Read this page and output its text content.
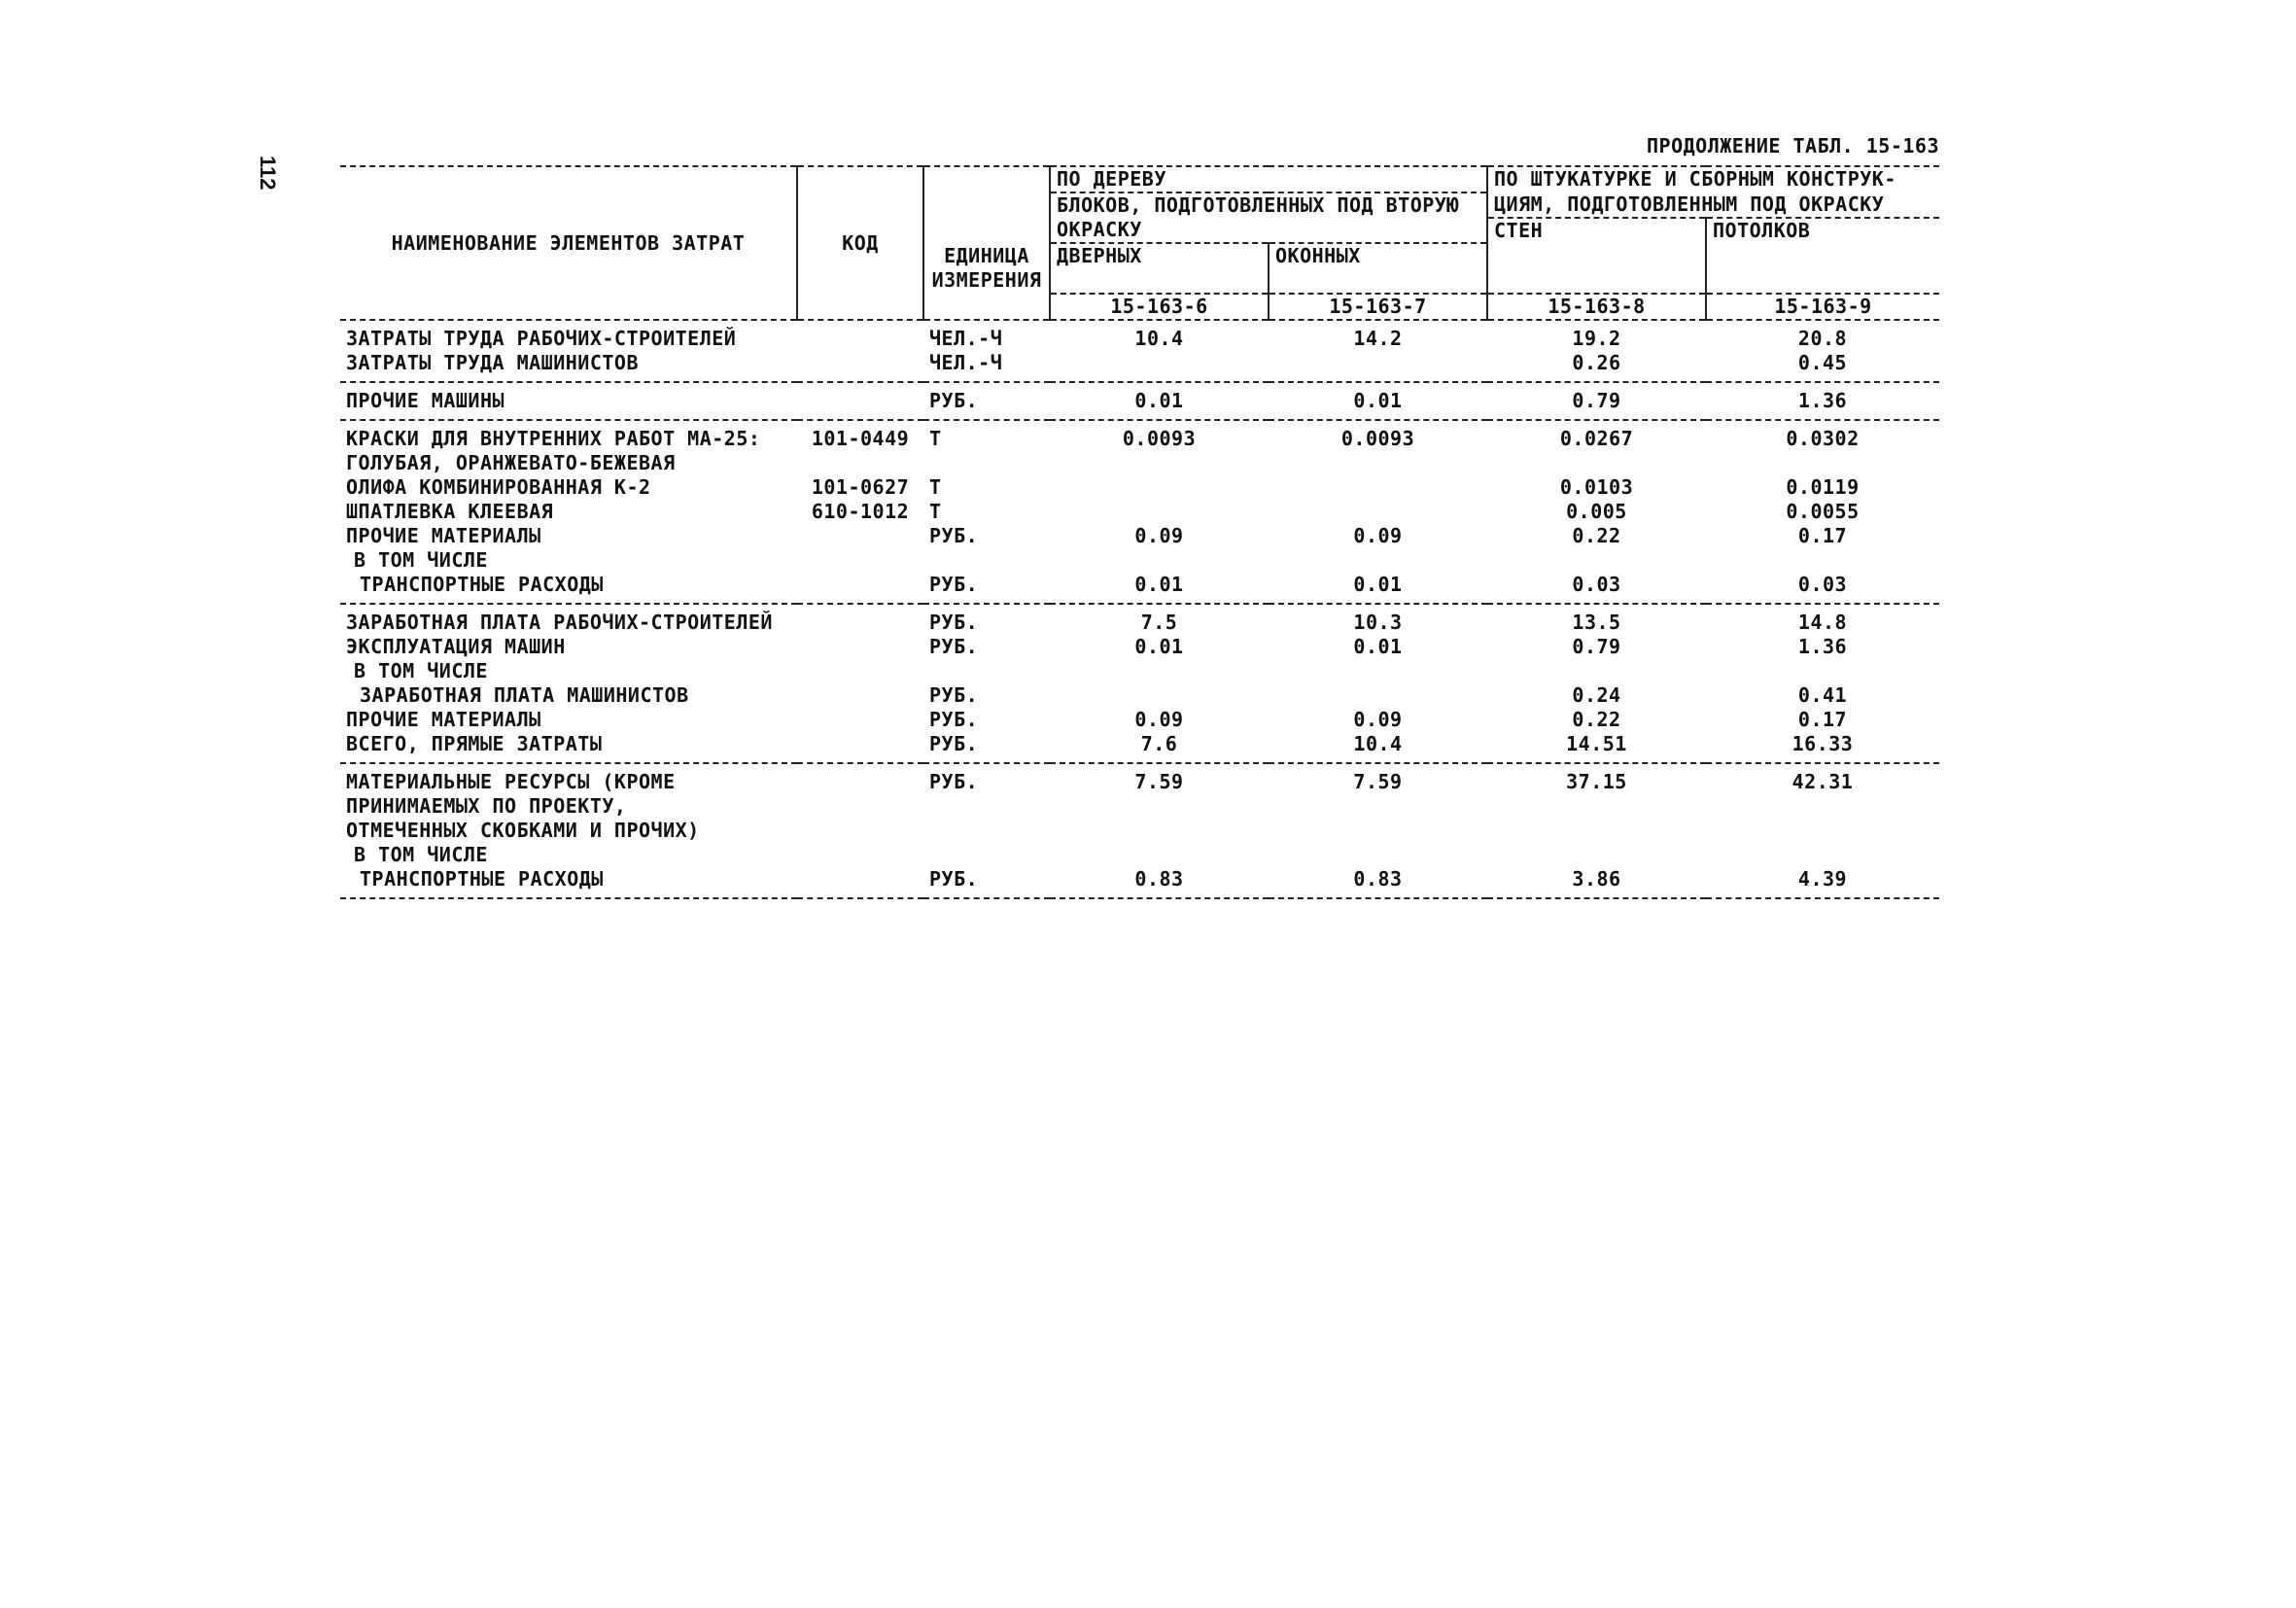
112
ПРОДОЛЖЕНИЕ ТАБЛ. 15-163
НАИМЕНОВАНИЕ ЭЛЕМЕНТОВ ЗАТРАТ	КОД	ЕДИНИЦА	ПО ДЕРЕВУ		ПО ШТУКАТУРКЕ И СБОРНЫМ КОНСТРУК-	
			БЛОКОВ, ПОДГОТОВЛЕННЫХ ПОД ВТОРУЮ		ЦИЯМ, ПОДГОТОВЛЕННЫМ ПОД ОКРАСКУ	
			ОКРАСКУ		СТЕН	ПОТОЛКОВ
			ДВЕРНЫХ	ОКОННЫХ		
		ИЗМЕРЕНИЯ				
			15-163-6	15-163-7	15-163-8	15-163-9
ЗАТРАТЫ ТРУДА РАБОЧИХ-СТРОИТЕЛЕЙ		ЧЕЛ.-Ч	10.4	14.2	19.2	20.8
ЗАТРАТЫ ТРУДА МАШИНИСТОВ		ЧЕЛ.-Ч			0.26	0.45
ПРОЧИЕ МАШИНЫ		РУБ.	0.01	0.01	0.79	1.36
КРАСКИ ДЛЯ ВНУТРЕННИХ РАБОТ МА-25:	101-0449	Т	0.0093	0.0093	0.0267	0.0302
ГОЛУБАЯ, ОРАНЖЕВАТО-БЕЖЕВАЯ						
ОЛИФА КОМБИНИРОВАННАЯ К-2	101-0627	Т			0.0103	0.0119
ШПАТЛЕВКА КЛЕЕВАЯ	610-1012	Т			0.005	0.0055
ПРОЧИЕ МАТЕРИАЛЫ		РУБ.	0.09	0.09	0.22	0.17
В ТОМ ЧИСЛЕ						
ТРАНСПОРТНЫЕ РАСХОДЫ		РУБ.	0.01	0.01	0.03	0.03
ЗАРАБОТНАЯ ПЛАТА РАБОЧИХ-СТРОИТЕЛЕЙ		РУБ.	7.5	10.3	13.5	14.8
ЭКСПЛУАТАЦИЯ МАШИН		РУБ.	0.01	0.01	0.79	1.36
В ТОМ ЧИСЛЕ						
ЗАРАБОТНАЯ ПЛАТА МАШИНИСТОВ		РУБ.			0.24	0.41
ПРОЧИЕ МАТЕРИАЛЫ		РУБ.	0.09	0.09	0.22	0.17
ВСЕГО, ПРЯМЫЕ ЗАТРАТЫ		РУБ.	7.6	10.4	14.51	16.33
МАТЕРИАЛЬНЫЕ РЕСУРСЫ (КРОМЕ		РУБ.	7.59	7.59	37.15	42.31
ПРИНИМАЕМЫХ ПО ПРОЕКТУ,						
ОТМЕЧЕННЫХ СКОБКАМИ И ПРОЧИХ)						
В ТОМ ЧИСЛЕ						
ТРАНСПОРТНЫЕ РАСХОДЫ		РУБ.	0.83	0.83	3.86	4.39
